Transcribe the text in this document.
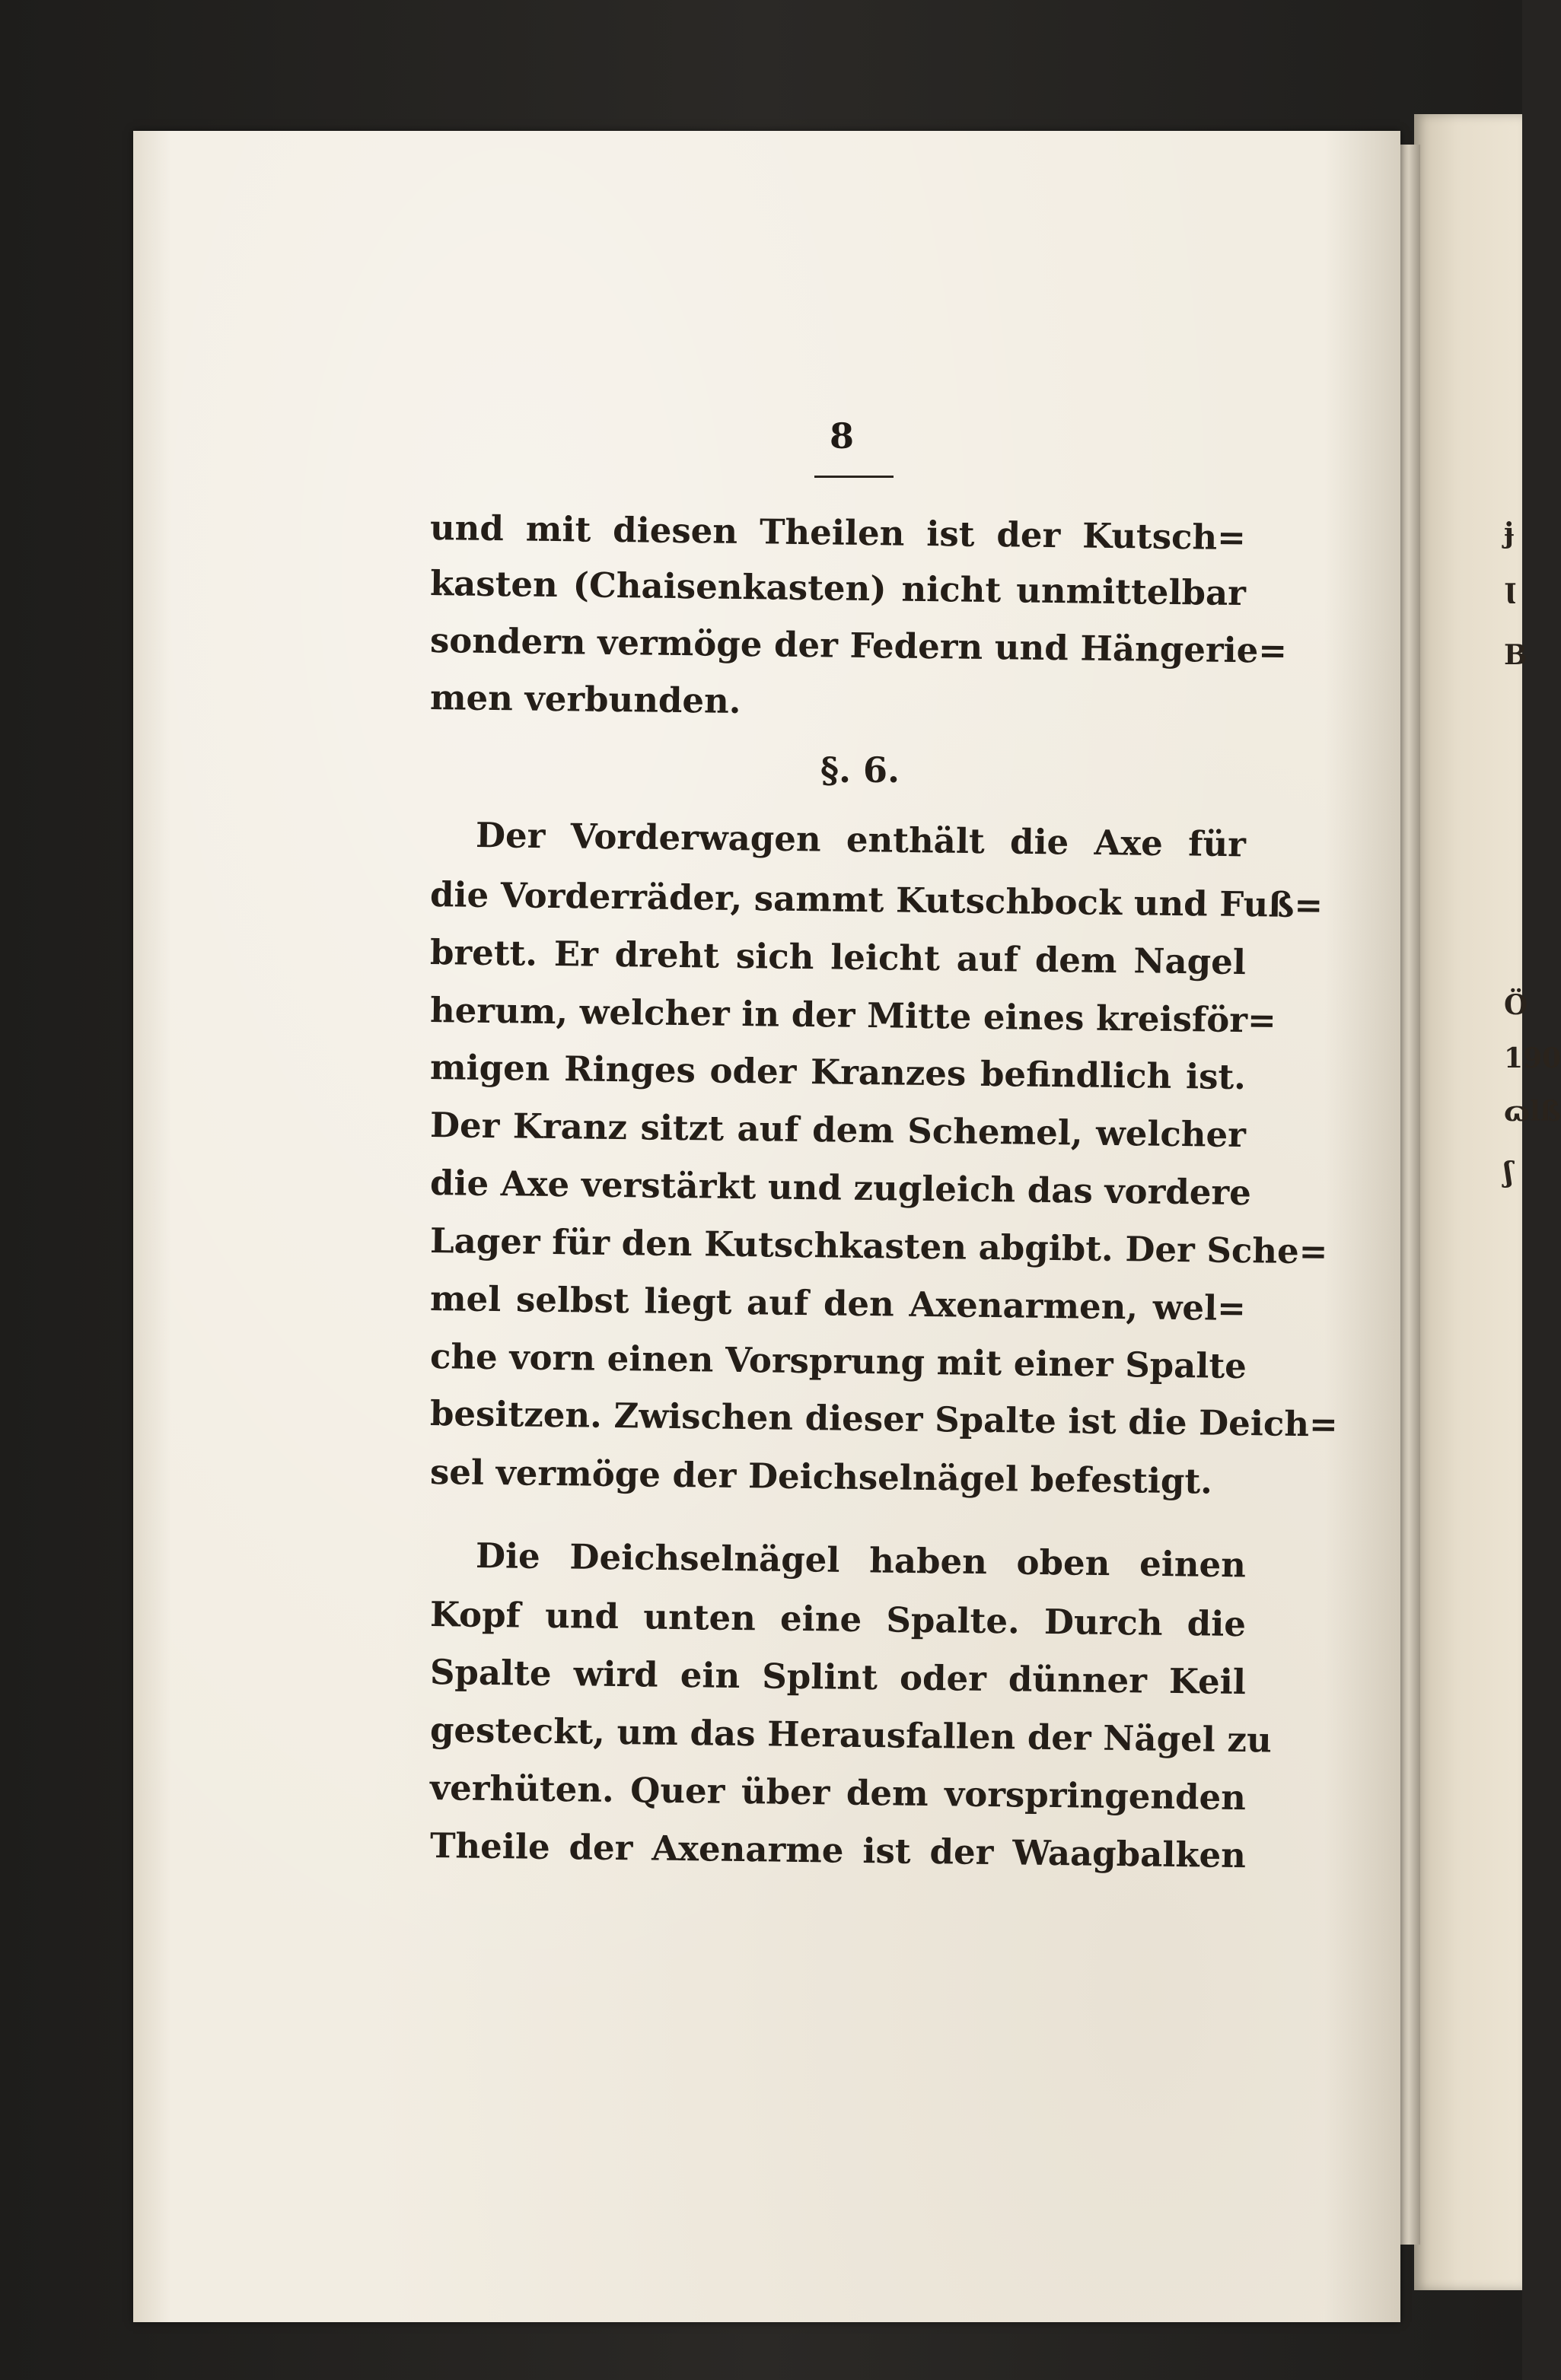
ɉ
Ɩ
B
Ӧ
190
ɷlß
ʃ
8
und mit diesen Theilen ist der Kutsch=
kasten (Chaisenkasten) nicht unmittelbar
sondern vermöge der Federn und Hängerie=
men verbunden.
§. 6.
Der Vorderwagen enthält die Axe für
die Vorderräder, sammt Kutschbock und Fuß=
brett. Er dreht sich leicht auf dem Nagel
herum, welcher in der Mitte eines kreisför=
migen Ringes oder Kranzes befindlich ist.
Der Kranz sitzt auf dem Schemel, welcher
die Axe verstärkt und zugleich das vordere
Lager für den Kutschkasten abgibt. Der Sche=
mel selbst liegt auf den Axenarmen, wel=
che vorn einen Vorsprung mit einer Spalte
besitzen. Zwischen dieser Spalte ist die Deich=
sel vermöge der Deichselnägel befestigt.
Die Deichselnägel haben oben einen
Kopf und unten eine Spalte. Durch die
Spalte wird ein Splint oder dünner Keil
gesteckt, um das Herausfallen der Nägel zu
verhüten. Quer über dem vorspringenden
Theile der Axenarme ist der Waagbalken
